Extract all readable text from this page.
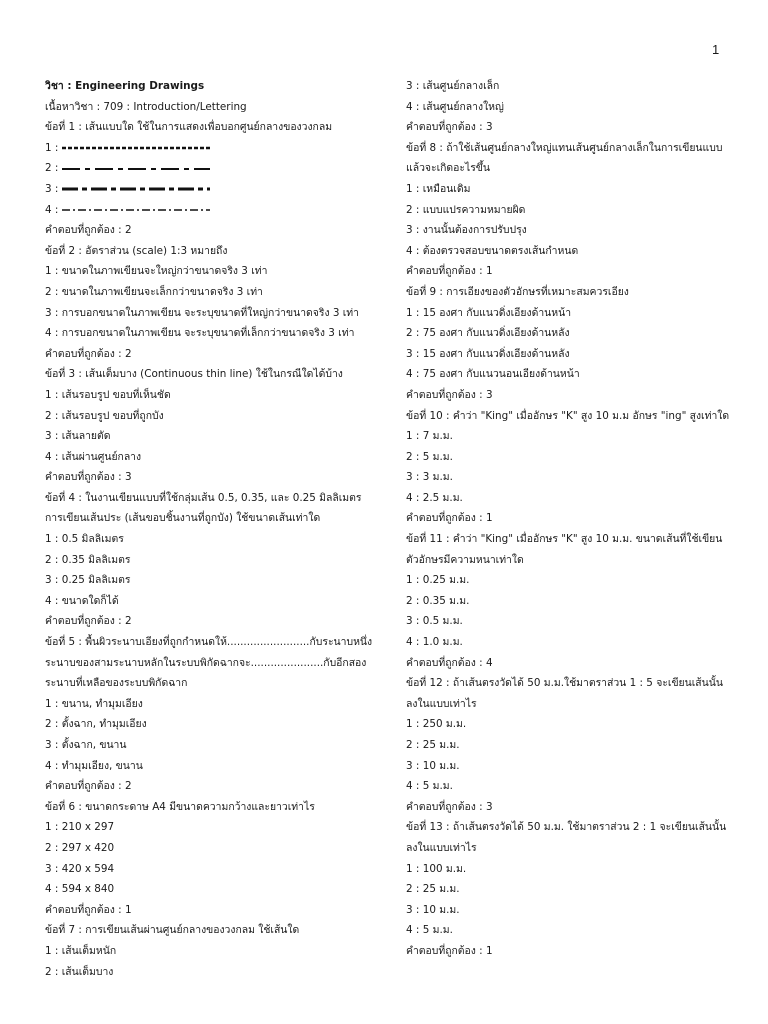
1
วิชา : Engineering Drawings
เนื้อหาวิชา : 709 : Introduction/Lettering
ข้อที่ 1 : เส้นแบบใด ใช้ในการแสดงเพื่อบอกศูนย์กลางของวงกลม
1 :
2 :
3 :
4 :
คำตอบที่ถูกต้อง : 2
ข้อที่ 2 : อัตราส่วน (scale) 1:3 หมายถึง
1 : ขนาดในภาพเขียนจะใหญ่กว่าขนาดจริง 3 เท่า
2 : ขนาดในภาพเขียนจะเล็กกว่าขนาดจริง 3 เท่า
3 : การบอกขนาดในภาพเขียน จะระบุขนาดที่ใหญ่กว่าขนาดจริง 3 เท่า
4 : การบอกขนาดในภาพเขียน จะระบุขนาดที่เล็กกว่าขนาดจริง 3 เท่า
คำตอบที่ถูกต้อง : 2
ข้อที่ 3 : เส้นเต็มบาง (Continuous thin line) ใช้ในกรณีใดได้บ้าง
1 : เส้นรอบรูป ขอบที่เห็นชัด
2 : เส้นรอบรูป ขอบที่ถูกบัง
3 : เส้นลายตัด
4 : เส้นผ่านศูนย์กลาง
คำตอบที่ถูกต้อง : 3
ข้อที่ 4 : ในงานเขียนแบบที่ใช้กลุ่มเส้น 0.5, 0.35, และ 0.25 มิลลิเมตร
การเขียนเส้นประ (เส้นขอบชิ้นงานที่ถูกบัง) ใช้ขนาดเส้นเท่าใด
1 : 0.5 มิลลิเมตร
2 : 0.35 มิลลิเมตร
3 : 0.25 มิลลิเมตร
4 : ขนาดใดก็ได้
คำตอบที่ถูกต้อง : 2
ข้อที่ 5 : พื้นผิวระนาบเอียงที่ถูกกำหนดให้.........................กับระนาบหนึ่ง
ระนาบของสามระนาบหลักในระบบพิกัดฉากจะ......................กับอีกสอง
ระนาบที่เหลือของระบบพิกัดฉาก
1 : ขนาน, ทำมุมเอียง
2 : ตั้งฉาก, ทำมุมเอียง
3 : ตั้งฉาก, ขนาน
4 : ทำมุมเอียง, ขนาน
คำตอบที่ถูกต้อง : 2
ข้อที่ 6 : ขนาดกระดาษ A4 มีขนาดความกว้างและยาวเท่าไร
1 : 210 x 297
2 : 297 x 420
3 : 420 x 594
4 : 594 x 840
คำตอบที่ถูกต้อง : 1
ข้อที่ 7 : การเขียนเส้นผ่านศูนย์กลางของวงกลม ใช้เส้นใด
1 : เส้นเต็มหนัก
2 : เส้นเต็มบาง
3 : เส้นศูนย์กลางเล็ก
4 : เส้นศูนย์กลางใหญ่
คำตอบที่ถูกต้อง : 3
ข้อที่ 8 : ถ้าใช้เส้นศูนย์กลางใหญ่แทนเส้นศูนย์กลางเล็กในการเขียนแบบ
แล้วจะเกิดอะไรขึ้น
1 : เหมือนเดิม
2 : แบบแปรความหมายผิด
3 : งานนั้นต้องการปรับปรุง
4 : ต้องตรวจสอบขนาดตรงเส้นกำหนด
คำตอบที่ถูกต้อง : 1
ข้อที่ 9 : การเอียงของตัวอักษรที่เหมาะสมควรเอียง
1 : 15 องศา กับแนวดิ่งเอียงด้านหน้า
2 : 75 องศา กับแนวดิ่งเอียงด้านหลัง
3 : 15 องศา กับแนวดิ่งเอียงด้านหลัง
4 : 75 องศา กับแนวนอนเอียงด้านหน้า
คำตอบที่ถูกต้อง : 3
ข้อที่ 10 : คำว่า "King" เมื่ออักษร "K" สูง 10 ม.ม อักษร "ing" สูงเท่าใด
1 : 7 ม.ม.
2 : 5 ม.ม.
3 : 3 ม.ม.
4 : 2.5 ม.ม.
คำตอบที่ถูกต้อง : 1
ข้อที่ 11 : คำว่า "King" เมื่ออักษร "K" สูง 10 ม.ม. ขนาดเส้นที่ใช้เขียน
ตัวอักษรมีความหนาเท่าใด
1 : 0.25 ม.ม.
2 : 0.35 ม.ม.
3 : 0.5 ม.ม.
4 : 1.0 ม.ม.
คำตอบที่ถูกต้อง : 4
ข้อที่ 12 : ถ้าเส้นตรงวัดได้ 50 ม.ม.ใช้มาตราส่วน 1 : 5 จะเขียนเส้นนั้น
ลงในแบบเท่าไร
1 : 250 ม.ม.
2 : 25 ม.ม.
3 : 10 ม.ม.
4 : 5 ม.ม.
คำตอบที่ถูกต้อง : 3
ข้อที่ 13 : ถ้าเส้นตรงวัดได้ 50 ม.ม. ใช้มาตราส่วน 2 : 1 จะเขียนเส้นนั้น
ลงในแบบเท่าไร
1 : 100 ม.ม.
2 : 25 ม.ม.
3 : 10 ม.ม.
4 : 5 ม.ม.
คำตอบที่ถูกต้อง : 1
